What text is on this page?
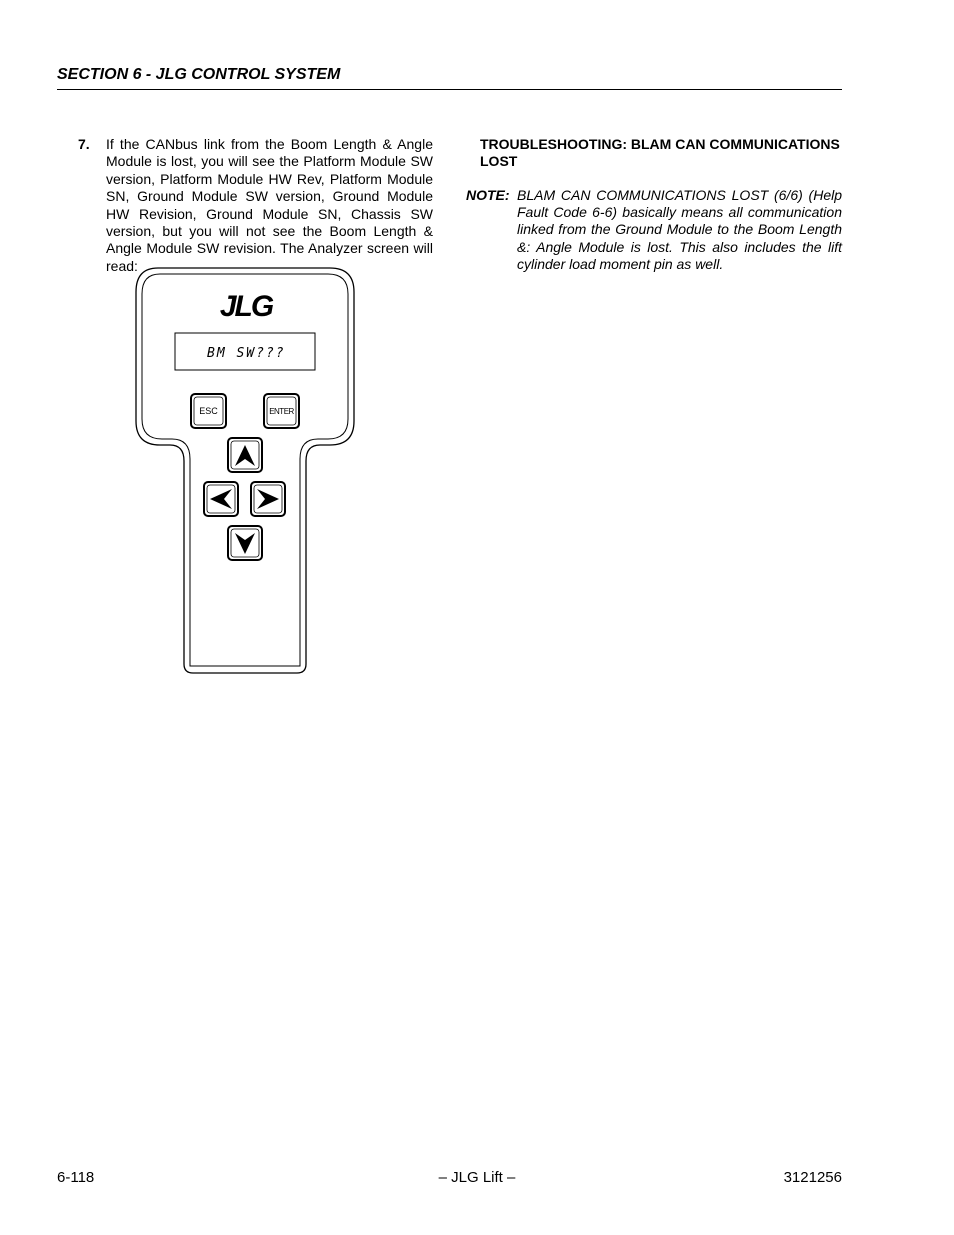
SECTION 6 - JLG CONTROL SYSTEM
7. If the CANbus link from the Boom Length & Angle Module is lost, you will see the Platform Module SW version, Platform Module HW Rev, Platform Module SN, Ground Module SW version, Ground Module HW Revision, Ground Module SN, Chassis SW version, but you will not see the Boom Length & Angle Module SW revision. The Analyzer screen will read:
JLG
BM SW???
ESC	ENTER
TROUBLESHOOTING: BLAM CAN COMMUNICATIONS LOST
NOTE: BLAM CAN COMMUNICATIONS LOST (6/6) (Help Fault Code 6-6) basically means all communication linked from the Ground Module to the Boom Length &: Angle Module is lost. This also includes the lift cylinder load moment pin as well.
6-118	– JLG Lift –	3121256
